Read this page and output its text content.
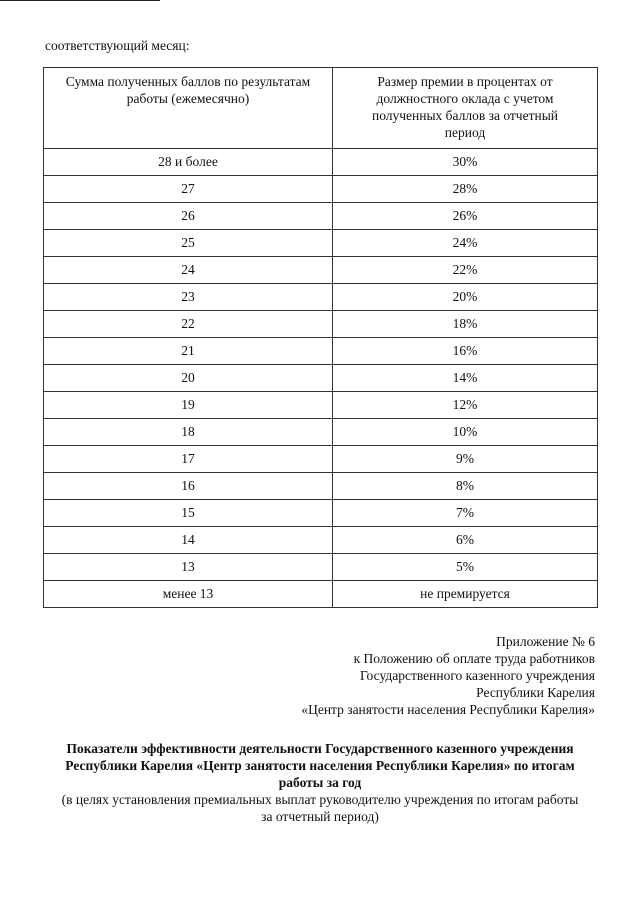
соответствующий месяц:
Сумма полученных баллов по результатам работы (ежемесячно)	Размер премии в процентах от должностного оклада с учетом полученных баллов за отчетный период

28 и более	30%
27	28%
26	26%
25	24%
24	22%
23	20%
22	18%
21	16%
20	14%
19	12%
18	10%
17	9%
16	8%
15	7%
14	6%
13	5%
менее 13	не премируется
Приложение № 6
к Положению об оплате труда работников
Государственного казенного учреждения
Республики Карелия
«Центр занятости населения Республики Карелия»
Показатели эффективности деятельности Государственного казенного учреждения
Республики Карелия «Центр занятости населения Республики Карелия» по итогам
работы за год
(в целях установления премиальных выплат руководителю учреждения по итогам работы
за отчетный период)
